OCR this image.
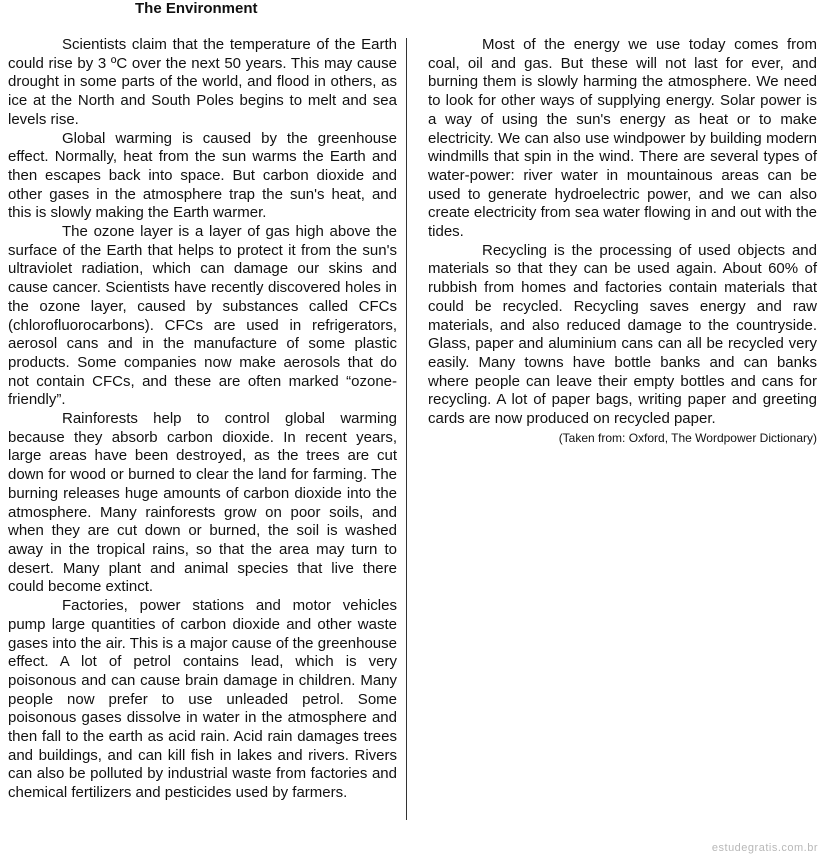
The Environment

Scientists claim that the temperature of the Earth could rise by 3 ºC over the next 50 years. This may cause drought in some parts of the world, and flood in others, as ice at the North and South Poles begins to melt and sea levels rise.

Global warming is caused by the greenhouse effect. Normally, heat from the sun warms the Earth and then escapes back into space. But carbon dioxide and other gases in the atmosphere trap the sun's heat, and this is slowly making the Earth warmer.

The ozone layer is a layer of gas high above the surface of the Earth that helps to protect it from the sun's ultraviolet radiation, which can damage our skins and cause cancer. Scientists have recently discovered holes in the ozone layer, caused by substances called CFCs (chlorofluorocarbons). CFCs are used in refrigerators, aerosol cans and in the manufacture of some plastic products. Some companies now make aerosols that do not contain CFCs, and these are often marked “ozone-friendly”.

Rainforests help to control global warming because they absorb carbon dioxide. In recent years, large areas have been destroyed, as the trees are cut down for wood or burned to clear the land for farming. The burning releases huge amounts of carbon dioxide into the atmosphere. Many rainforests grow on poor soils, and when they are cut down or burned, the soil is washed away in the tropical rains, so that the area may turn to desert. Many plant and animal species that live there could become extinct.

Factories, power stations and motor vehicles pump large quantities of carbon dioxide and other waste gases into the air. This is a major cause of the greenhouse effect. A lot of petrol contains lead, which is very poisonous and can cause brain damage in children. Many people now prefer to use unleaded petrol. Some poisonous gases dissolve in water in the atmosphere and then fall to the earth as acid rain. Acid rain damages trees and buildings, and can kill fish in lakes and rivers. Rivers can also be polluted by industrial waste from factories and chemical fertilizers and pesticides used by farmers.

Most of the energy we use today comes from coal, oil and gas. But these will not last for ever, and burning them is slowly harming the atmosphere. We need to look for other ways of supplying energy. Solar power is a way of using the sun's energy as heat or to make electricity. We can also use windpower by building modern windmills that spin in the wind. There are several types of water-power: river water in mountainous areas can be used to generate hydroelectric power, and we can also create electricity from sea water flowing in and out with the tides.

Recycling is the processing of used objects and materials so that they can be used again. About 60% of rubbish from homes and factories contain materials that could be recycled. Recycling saves energy and raw materials, and also reduced damage to the countryside. Glass, paper and aluminium cans can all be recycled very easily. Many towns have bottle banks and can banks where people can leave their empty bottles and cans for recycling. A lot of paper bags, writing paper and greeting cards are now produced on recycled paper.

(Taken from: Oxford, The Wordpower Dictionary)
estudegratis.com.br
